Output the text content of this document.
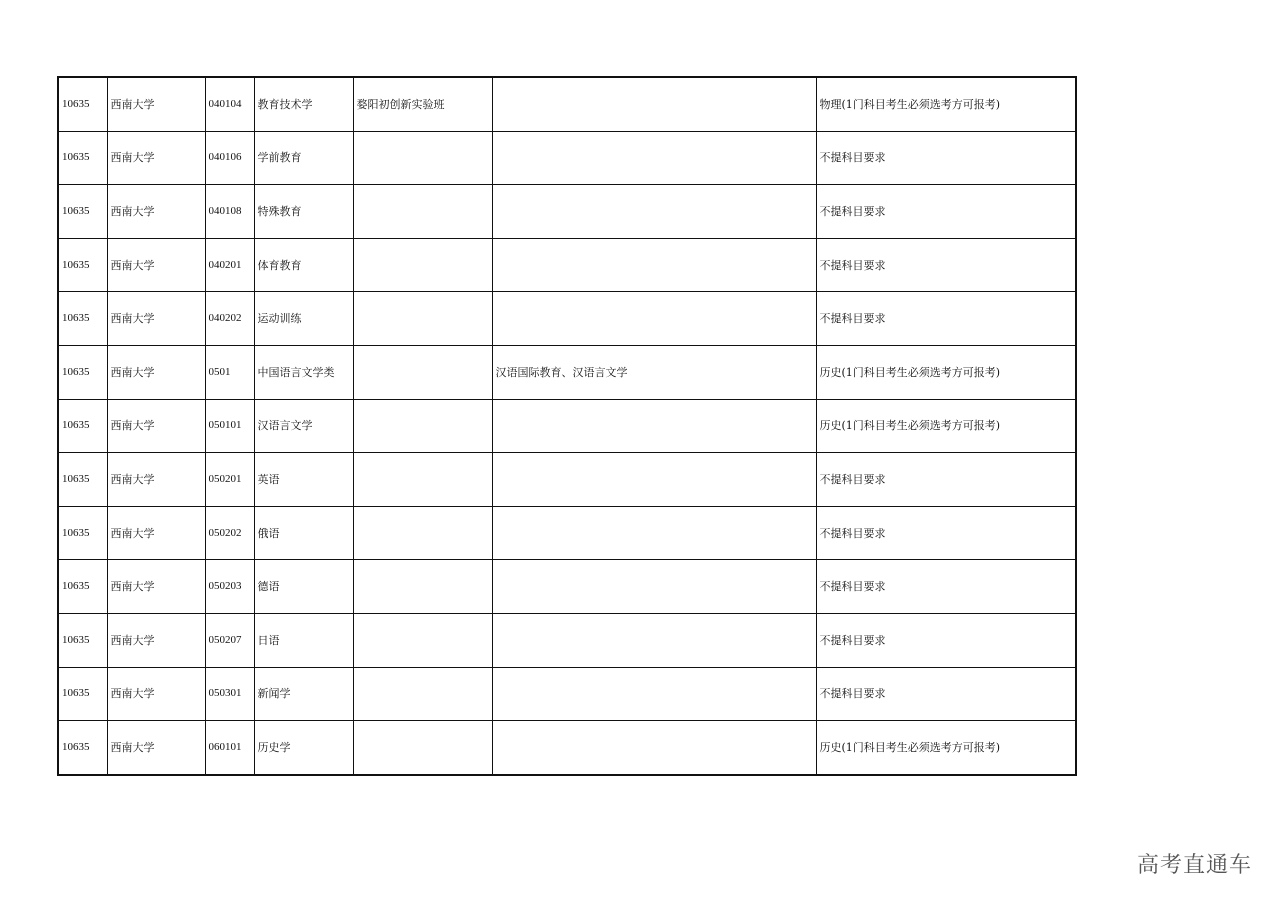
10635	西南大学	040104	教育技术学	婺阳初创新实验班		物理(1门科目考生必须选考方可报考)
10635	西南大学	040106	学前教育			不提科目要求
10635	西南大学	040108	特殊教育			不提科目要求
10635	西南大学	040201	体育教育			不提科目要求
10635	西南大学	040202	运动训练			不提科目要求
10635	西南大学	0501	中国语言文学类		汉语国际教育、汉语言文学	历史(1门科目考生必须选考方可报考)
10635	西南大学	050101	汉语言文学			历史(1门科目考生必须选考方可报考)
10635	西南大学	050201	英语			不提科目要求
10635	西南大学	050202	俄语			不提科目要求
10635	西南大学	050203	德语			不提科目要求
10635	西南大学	050207	日语			不提科目要求
10635	西南大学	050301	新闻学			不提科目要求
10635	西南大学	060101	历史学			历史(1门科目考生必须选考方可报考)
高考直通车
